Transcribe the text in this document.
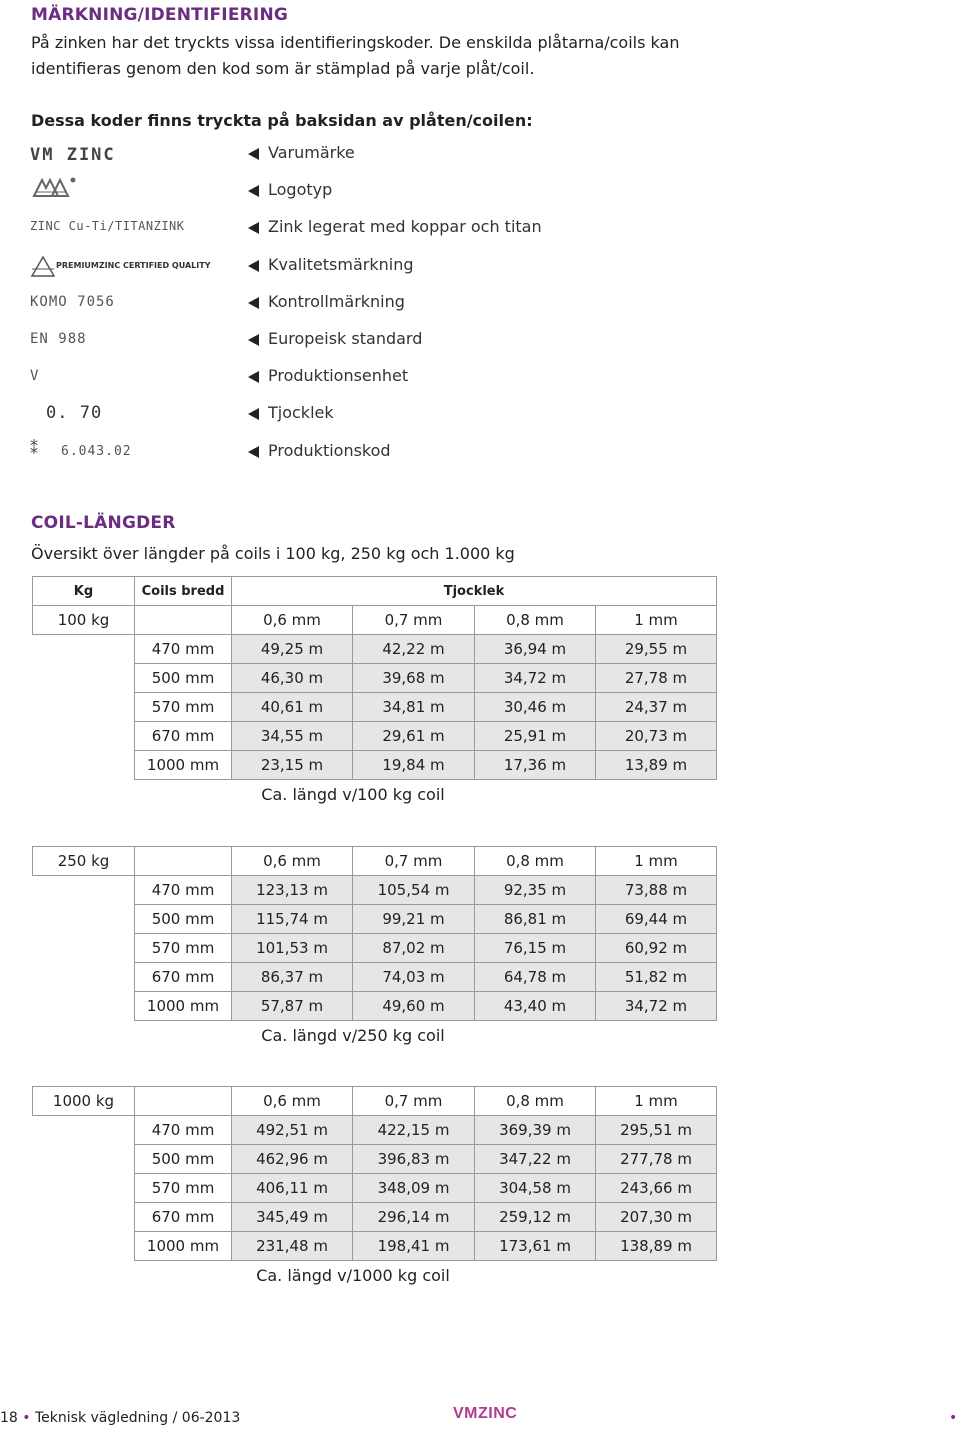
MÄRKNING/IDENTIFIERING
På zinken har det tryckts vissa identifieringskoder. De enskilda plåtarna/coils kan
identifieras genom den kod som är stämplad på varje plåt/coil.
Dessa koder finns tryckta på baksidan av plåten/coilen:
VM ZINC	Varumärke
Logotyp
ZINC Cu-Ti/TITANZINK	Zink legerat med koppar och titan
PREMIUMZINC CERTIFIED QUALITY	Kvalitetsmärkning
KOMO 7056	Kontrollmärkning
EN 988	Europeisk standard
V	Produktionsenhet
0. 70	Tjocklek
⁑ 6.043.02	Produktionskod
COIL-LÄNGDER
Översikt över längder på coils i 100 kg, 250 kg och 1.000 kg
Kg	Coils bredd	Tjocklek			
100 kg		0,6 mm	0,7 mm	0,8 mm	1 mm
	470 mm	49,25 m	42,22 m	36,94 m	29,55 m
	500 mm	46,30 m	39,68 m	34,72 m	27,78 m
	570 mm	40,61 m	34,81 m	30,46 m	24,37 m
	670 mm	34,55 m	29,61 m	25,91 m	20,73 m
	1000 mm	23,15 m	19,84 m	17,36 m	13,89 m
		Ca. längd v/100 kg coil			
250 kg		0,6 mm	0,7 mm	0,8 mm	1 mm
	470 mm	123,13 m	105,54 m	92,35 m	73,88 m
	500 mm	115,74 m	99,21 m	86,81 m	69,44 m
	570 mm	101,53 m	87,02 m	76,15 m	60,92 m
	670 mm	86,37 m	74,03 m	64,78 m	51,82 m
	1000 mm	57,87 m	49,60 m	43,40 m	34,72 m
		Ca. längd v/250 kg coil			
1000 kg		0,6 mm	0,7 mm	0,8 mm	1 mm
	470 mm	492,51 m	422,15 m	369,39 m	295,51 m
	500 mm	462,96 m	396,83 m	347,22 m	277,78 m
	570 mm	406,11 m	348,09 m	304,58 m	243,66 m
	670 mm	345,49 m	296,14 m	259,12 m	207,30 m
	1000 mm	231,48 m	198,41 m	173,61 m	138,89 m
		Ca. längd v/1000 kg coil			
18 • Teknisk vägledning / 06-2013	VMZINC	•
